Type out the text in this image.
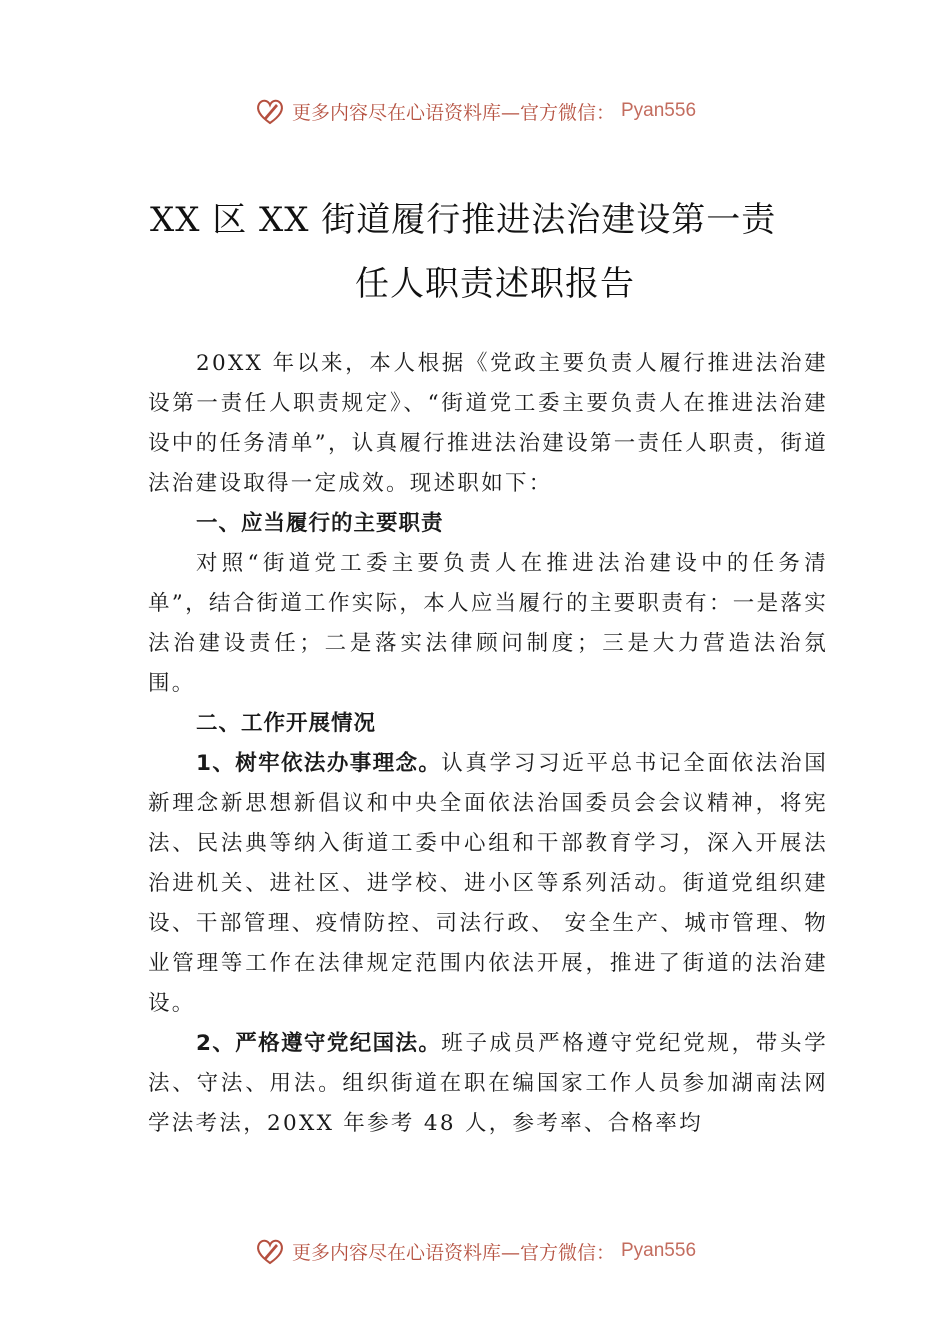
更多内容尽在心语资料库—官方微信： Pyan556
XX 区 XX 街道履行推进法治建设第一责
任人职责述职报告

20XX 年以来，本人根据《党政主要负责人履行推进法治建设第一责任人职责规定》、“街道党工委主要负责人在推进法治建设中的任务清单”，认真履行推进法治建设第一责任人职责，街道法治建设取得一定成效。现述职如下：

一、应当履行的主要职责

对照“街道党工委主要负责人在推进法治建设中的任务清单”，结合街道工作实际，本人应当履行的主要职责有：一是落实法治建设责任；二是落实法律顾问制度；三是大力营造法治氛围。

二、工作开展情况

1、树牢依法办事理念。认真学习习近平总书记全面依法治国新理念新思想新倡议和中央全面依法治国委员会会议精神，将宪法、民法典等纳入街道工委中心组和干部教育学习，深入开展法治进机关、进社区、进学校、进小区等系列活动。街道党组织建设、干部管理、疫情防控、司法行政、 安全生产、城市管理、物业管理等工作在法律规定范围内依法开展，推进了街道的法治建设。

2、严格遵守党纪国法。班子成员严格遵守党纪党规，带头学法、守法、用法。组织街道在职在编国家工作人员参加湖南法网学法考法，20XX 年参考 48 人，参考率、合格率均

更多内容尽在心语资料库—官方微信： Pyan556
